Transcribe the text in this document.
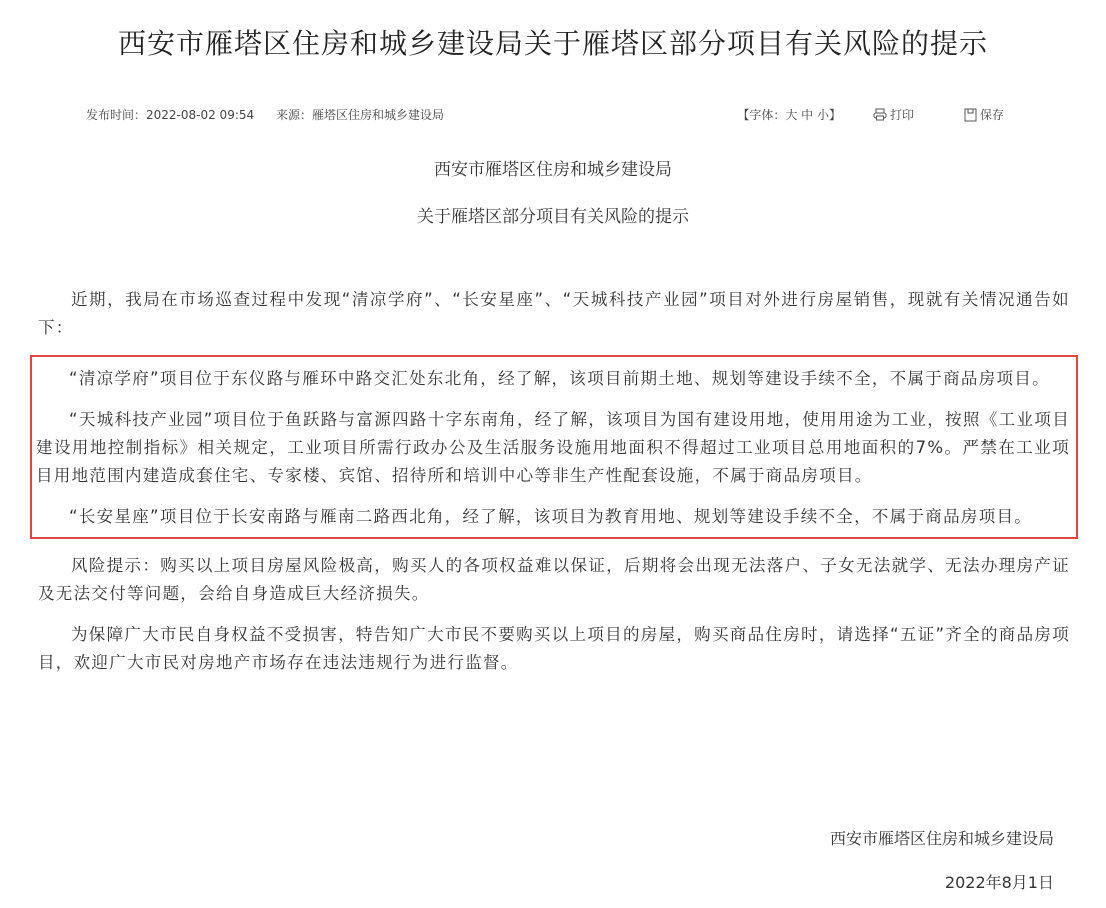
西安市雁塔区住房和城乡建设局关于雁塔区部分项目有关风险的提示
发布时间：2022-08-02 09:54 来源：雁塔区住房和城乡建设局	【字体：大 中 小】	打印	保存
西安市雁塔区住房和城乡建设局
关于雁塔区部分项目有关风险的提示

近期，我局在市场巡查过程中发现“清凉学府”、“长安星座”、“天城科技产业园”项目对外进行房屋销售，现就有关情况通告如下：

“清凉学府”项目位于东仪路与雁环中路交汇处东北角，经了解，该项目前期土地、规划等建设手续不全，不属于商品房项目。

“天城科技产业园”项目位于鱼跃路与富源四路十字东南角，经了解，该项目为国有建设用地，使用用途为工业，按照《工业项目建设用地控制指标》相关规定，工业项目所需行政办公及生活服务设施用地面积不得超过工业项目总用地面积的7%。严禁在工业项目用地范围内建造成套住宅、专家楼、宾馆、招待所和培训中心等非生产性配套设施，不属于商品房项目。

“长安星座”项目位于长安南路与雁南二路西北角，经了解，该项目为教育用地、规划等建设手续不全，不属于商品房项目。

风险提示：购买以上项目房屋风险极高，购买人的各项权益难以保证，后期将会出现无法落户、子女无法就学、无法办理房产证及无法交付等问题，会给自身造成巨大经济损失。

为保障广大市民自身权益不受损害，特告知广大市民不要购买以上项目的房屋，购买商品住房时，请选择“五证”齐全的商品房项目，欢迎广大市民对房地产市场存在违法违规行为进行监督。

西安市雁塔区住房和城乡建设局
2022年8月1日
